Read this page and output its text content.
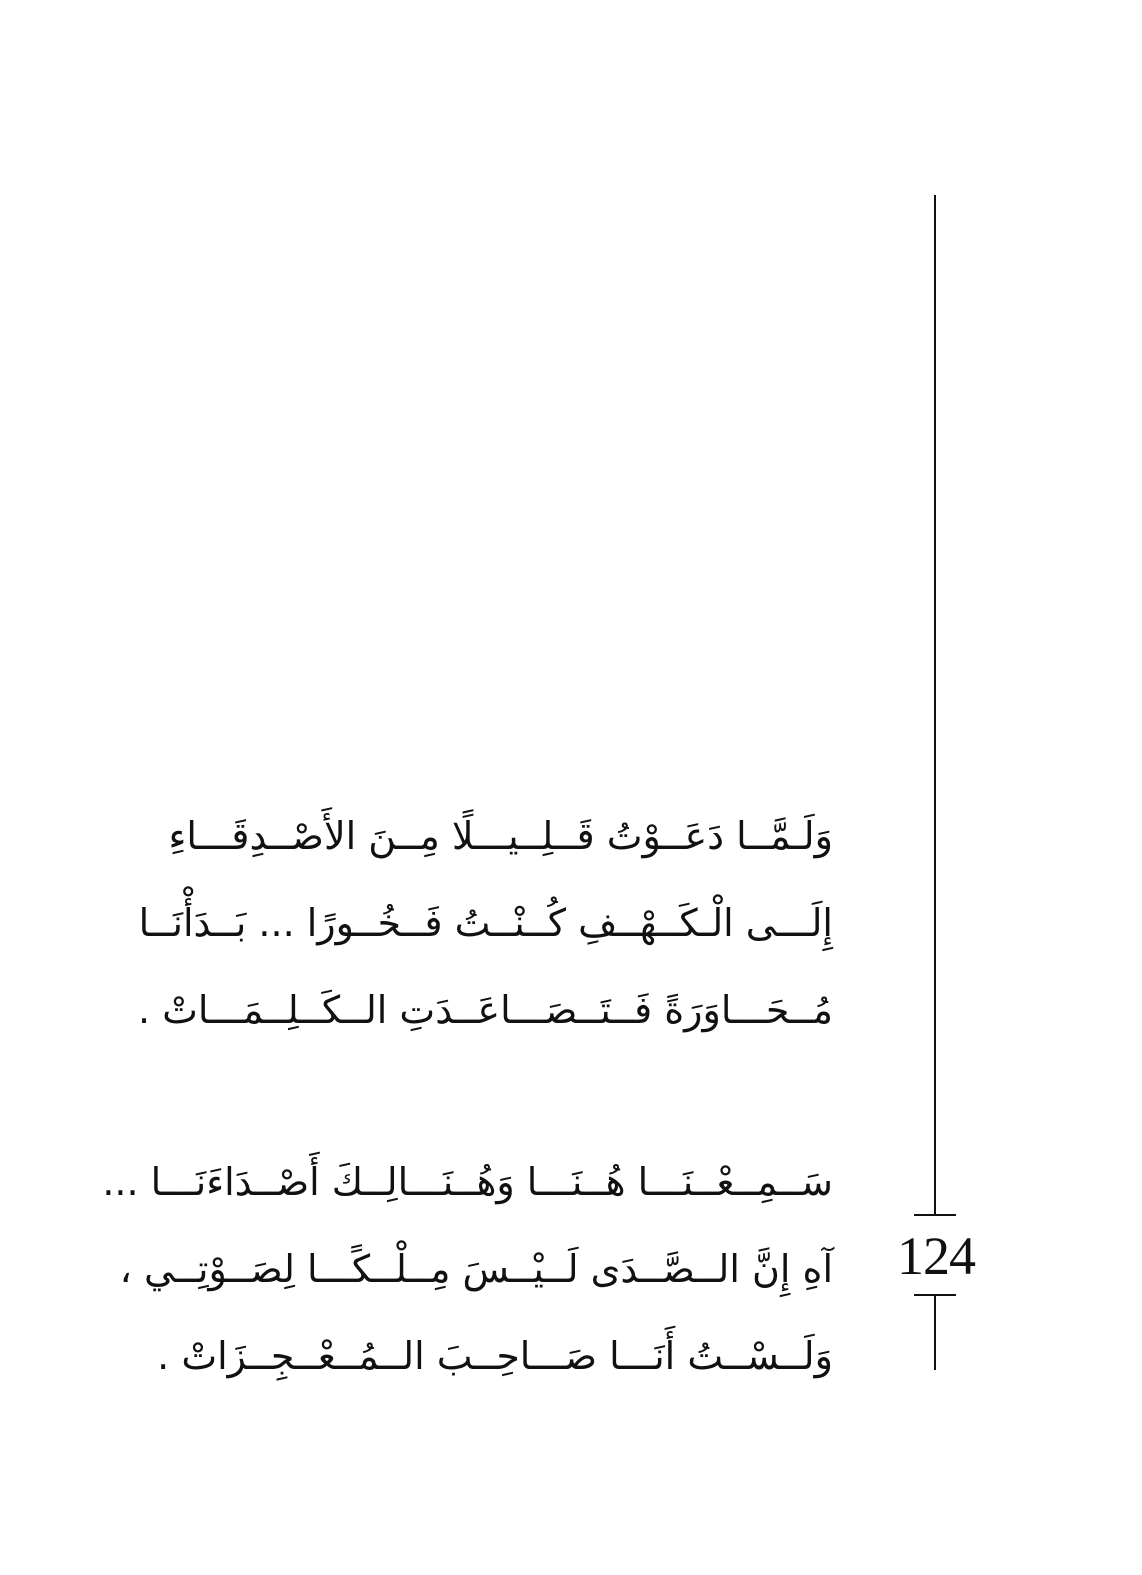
124
وَلَـمَّــا دَعَــوْتُ قَــلِــيـــلًا مِــنَ الأَصْــدِقَـــاءِ
إِلَـــى الْـكَــهْــفِ كُــنْــتُ فَــخُــورًا ... بَــدَأْنَــا
مُــحَـــاوَرَةً فَــتَــصَـــاعَــدَتِ الــكَــلِــمَـــاتْ .
سَــمِــعْــنَـــا هُــنَـــا وَهُــنَـــالِــكَ أَصْــدَاءَنَـــا ...
آهِ إِنَّ الــصَّــدَى لَــيْــسَ مِــلْــكًـــا لِصَــوْتِــي ،
وَلَــسْــتُ أَنَـــا صَـــاحِــبَ الــمُــعْــجِــزَاتْ .
